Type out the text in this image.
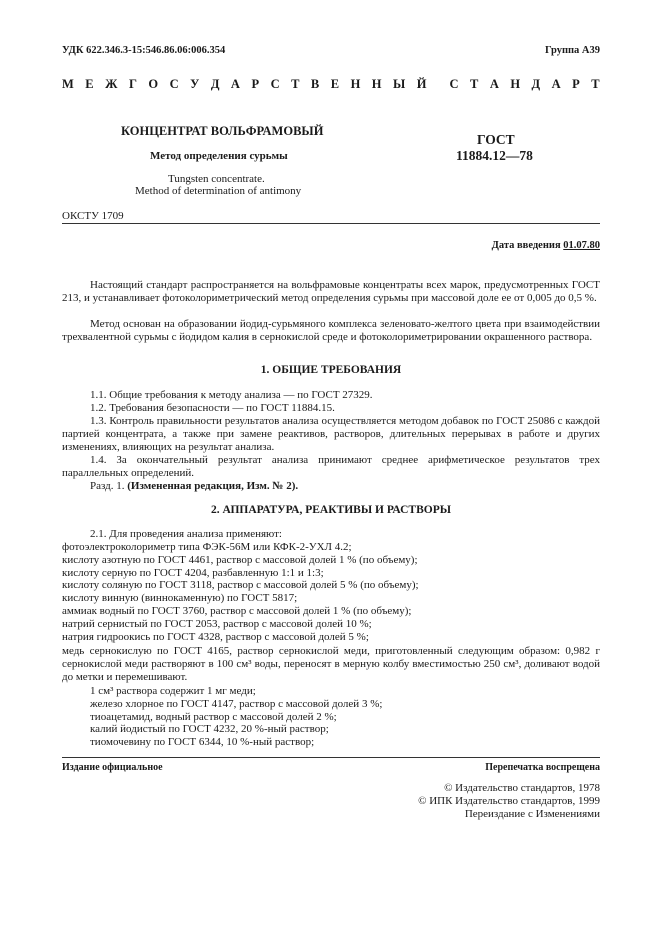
УДК 622.346.3-15:546.86.06:006.354	Группа А39
М Е Ж Г О С У Д А Р С Т В Е Н Н Ы Й С Т А Н Д А Р Т
КОНЦЕНТРАТ ВОЛЬФРАМОВЫЙ
Метод определения сурьмы
Tungsten concentrate.
Method of determination of antimony
ГОСТ
11884.12—78
ОКСТУ 1709
Дата введения 01.07.80
Настоящий стандарт распространяется на вольфрамовые концентраты всех марок, предусмотренных ГОСТ 213, и устанавливает фотоколориметрический метод определения сурьмы при массовой доле ее от 0,005 до 0,5 %.
Метод основан на образовании йодид-сурьмяного комплекса зеленовато-желтого цвета при взаимодействии трехвалентной сурьмы с йодидом калия в сернокислой среде и фотоколориметрировании окрашенного раствора.
1. ОБЩИЕ ТРЕБОВАНИЯ
1.1. Общие требования к методу анализа — по ГОСТ 27329.
1.2. Требования безопасности — по ГОСТ 11884.15.
1.3. Контроль правильности результатов анализа осуществляется методом добавок по ГОСТ 25086 с каждой партией концентрата, а также при замене реактивов, растворов, длительных перерывах в работе и других изменениях, влияющих на результат анализа.
1.4. За окончательный результат анализа принимают среднее арифметическое результатов трех параллельных определений.
Разд. 1. (Измененная редакция, Изм. № 2).
2. АППАРАТУРА, РЕАКТИВЫ И РАСТВОРЫ
2.1. Для проведения анализа применяют:
фотоэлектроколориметр типа ФЭК-56М или КФК-2-УХЛ 4.2;
кислоту азотную по ГОСТ 4461, раствор с массовой долей 1 % (по объему);
кислоту серную по ГОСТ 4204, разбавленную 1:1 и 1:3;
кислоту соляную по ГОСТ 3118, раствор с массовой долей 5 % (по объему);
кислоту винную (виннокаменную) по ГОСТ 5817;
аммиак водный по ГОСТ 3760, раствор с массовой долей 1 % (по объему);
натрий сернистый по ГОСТ 2053, раствор с массовой долей 10 %;
натрия гидроокись по ГОСТ 4328, раствор с массовой долей 5 %;
медь сернокислую по ГОСТ 4165, раствор сернокислой меди, приготовленный следующим образом: 0,982 г сернокислой меди растворяют в 100 см³ воды, переносят в мерную колбу вместимостью 250 см³, доливают водой до метки и перемешивают.
1 см³ раствора содержит 1 мг меди;
железо хлорное по ГОСТ 4147, раствор с массовой долей 3 %;
тиоацетамид, водный раствор с массовой долей 2 %;
калий йодистый по ГОСТ 4232, 20 %-ный раствор;
тиомочевину по ГОСТ 6344, 10 %-ный раствор;
Издание официальное	Перепечатка воспрещена
© Издательство стандартов, 1978
© ИПК Издательство стандартов, 1999
Переиздание с Изменениями
